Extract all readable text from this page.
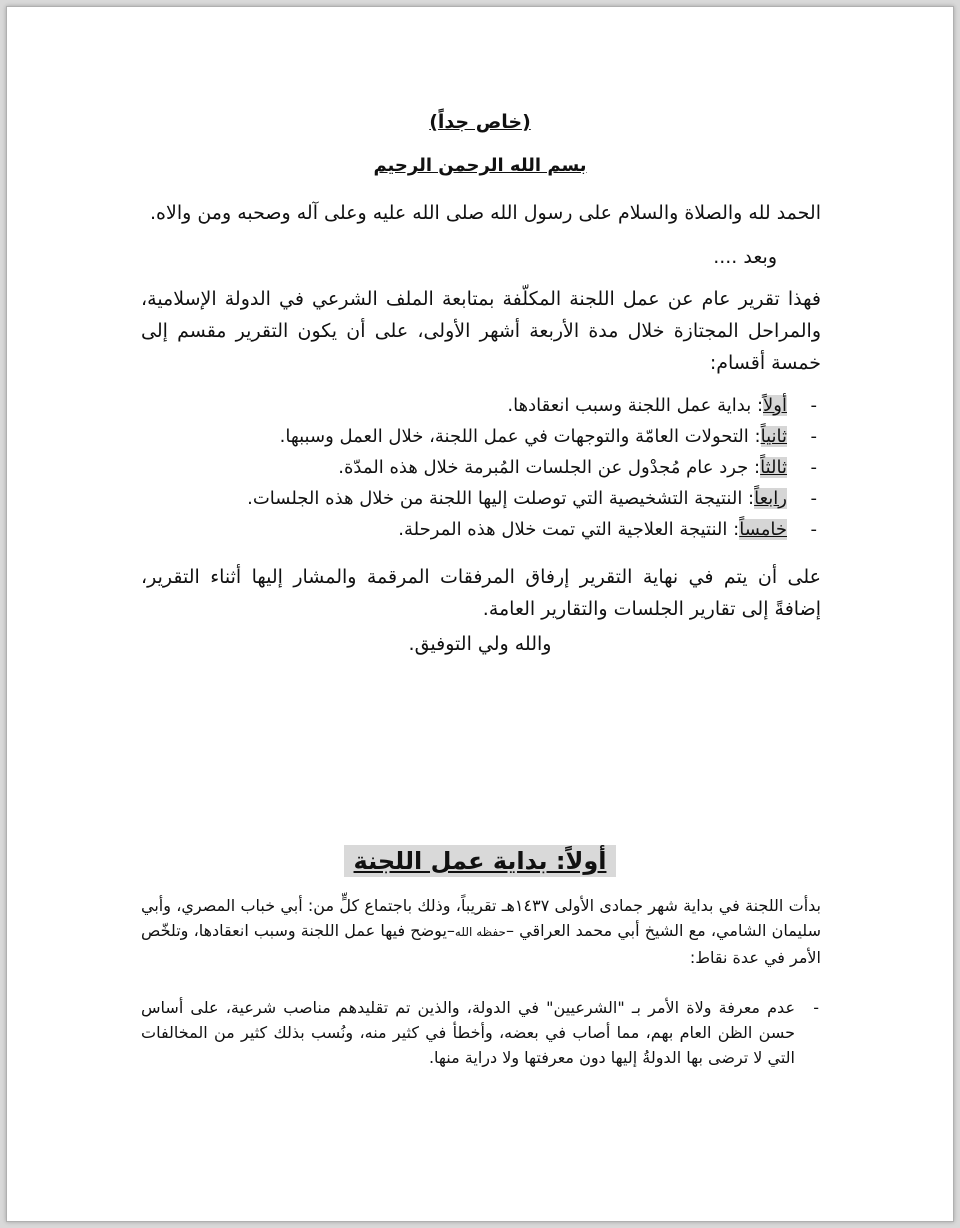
(خاص جداً)
بسم الله الرحمن الرحيم
الحمد لله والصلاة والسلام على رسول الله صلى الله عليه وعلى آله وصحبه ومن والاه.
وبعد ....
فهذا تقرير عام عن عمل اللجنة المكلّفة بمتابعة الملف الشرعي في الدولة الإسلامية، والمراحل المجتازة خلال مدة الأربعة أشهر الأولى، على أن يكون التقرير مقسم إلى خمسة أقسام:
- أولاً: بداية عمل اللجنة وسبب انعقادها.
- ثانياً: التحولات العامّة والتوجهات في عمل اللجنة، خلال العمل وسببها.
- ثالثاً: جرد عام مُجدْول عن الجلسات المُبرمة خلال هذه المدّة.
- رابعاً: النتيجة التشخيصية التي توصلت إليها اللجنة من خلال هذه الجلسات.
- خامساً: النتيجة العلاجية التي تمت خلال هذه المرحلة.
على أن يتم في نهاية التقرير إرفاق المرفقات المرقمة والمشار إليها أثناء التقرير، إضافةً إلى تقارير الجلسات والتقارير العامة.
والله ولي التوفيق.
أولاً: بداية عمل اللجنة
بدأت اللجنة في بداية شهر جمادى الأولى ١٤٣٧هـ تقريباً، وذلك باجتماع كلٍّ من: أبي خباب المصري، وأبي سليمان الشامي، مع الشيخ أبي محمد العراقي –حفظه الله–يوضح فيها عمل اللجنة وسبب انعقادها، وتلخّص الأمر في عدة نقاط:
- عدم معرفة ولاة الأمر بـ "الشرعيين" في الدولة، والذين تم تقليدهم مناصب شرعية، على أساس حسن الظن العام بهم، مما أصاب في بعضه، وأخطأ في كثير منه، ونُسب بذلك كثير من المخالفات التي لا ترضى بها الدولةُ إليها دون معرفتها ولا دراية منها.
